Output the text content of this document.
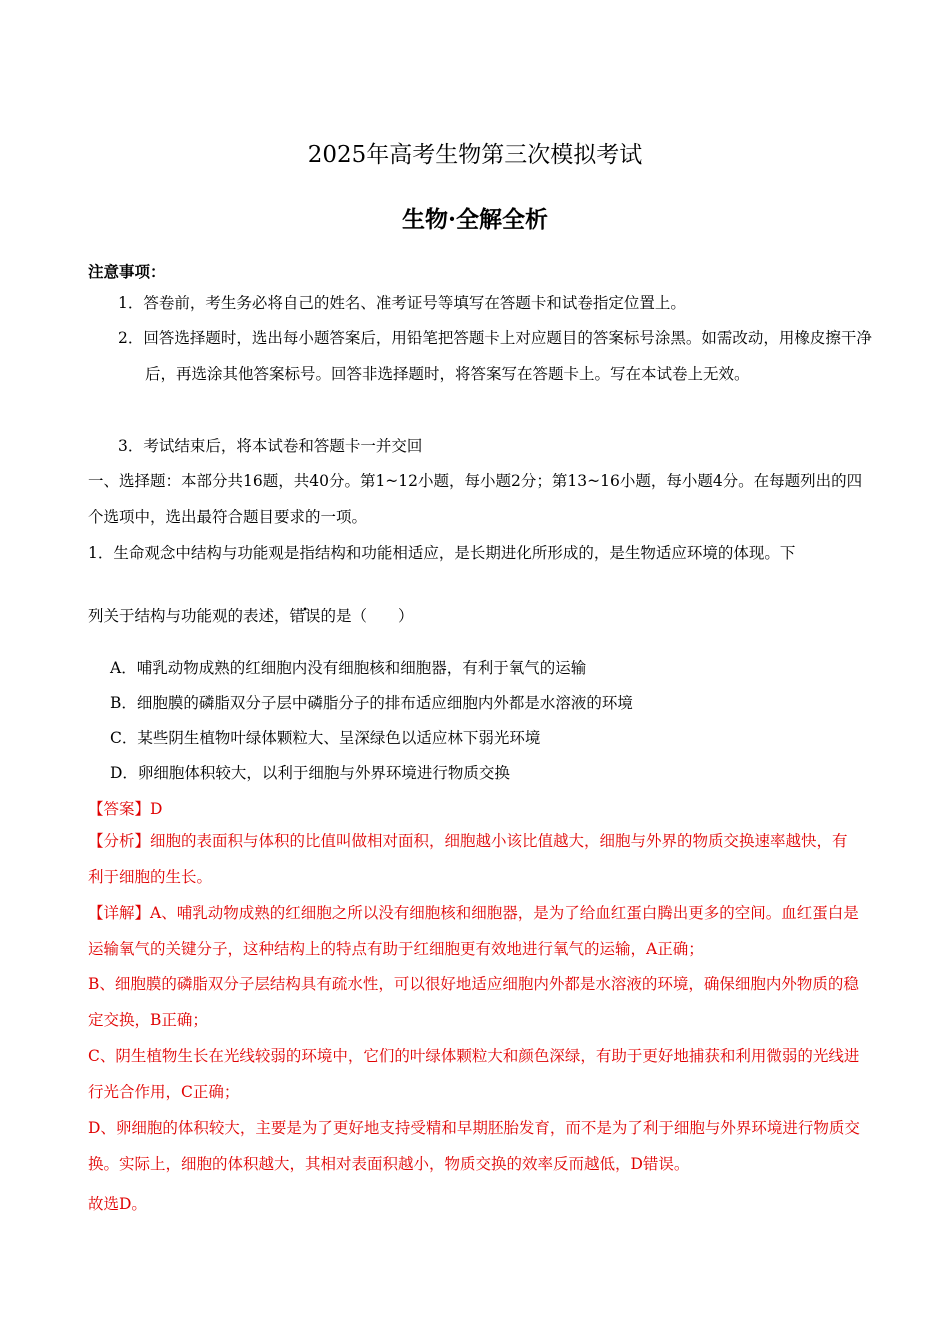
2025年高考生物第三次模拟考试
生物·全解全析
注意事项：
1．答卷前，考生务必将自己的姓名、准考证号等填写在答题卡和试卷指定位置上。
2．回答选择题时，选出每小题答案后，用铅笔把答题卡上对应题目的答案标号涂黑。如需改动，用橡皮擦干净后，再选涂其他答案标号。回答非选择题时，将答案写在答题卡上。写在本试卷上无效。
3．考试结束后，将本试卷和答题卡一并交回
一、选择题：本部分共16题，共40分。第1~12小题，每小题2分；第13~16小题，每小题4分。在每题列出的四个选项中，选出最符合题目要求的一项。
1．生命观念中结构与功能观是指结构和功能相适应，是长期进化所形成的，是生物适应环境的体现。下
列关于结构与功能观的表述，错误的是（　　）
A．哺乳动物成熟的红细胞内没有细胞核和细胞器，有利于氧气的运输
B．细胞膜的磷脂双分子层中磷脂分子的排布适应细胞内外都是水溶液的环境
C．某些阴生植物叶绿体颗粒大、呈深绿色以适应林下弱光环境
D．卵细胞体积较大，以利于细胞与外界环境进行物质交换
【答案】D
【分析】细胞的表面积与体积的比值叫做相对面积，细胞越小该比值越大，细胞与外界的物质交换速率越快，有利于细胞的生长。
【详解】A、哺乳动物成熟的红细胞之所以没有细胞核和细胞器，是为了给血红蛋白腾出更多的空间。血红蛋白是运输氧气的关键分子，这种结构上的特点有助于红细胞更有效地进行氧气的运输，A正确；
B、细胞膜的磷脂双分子层结构具有疏水性，可以很好地适应细胞内外都是水溶液的环境，确保细胞内外物质的稳定交换，B正确；
C、阴生植物生长在光线较弱的环境中，它们的叶绿体颗粒大和颜色深绿，有助于更好地捕获和利用微弱的光线进行光合作用，C正确；
D、卵细胞的体积较大，主要是为了更好地支持受精和早期胚胎发育，而不是为了利于细胞与外界环境进行物质交换。实际上，细胞的体积越大，其相对表面积越小，物质交换的效率反而越低，D错误。
故选D。
